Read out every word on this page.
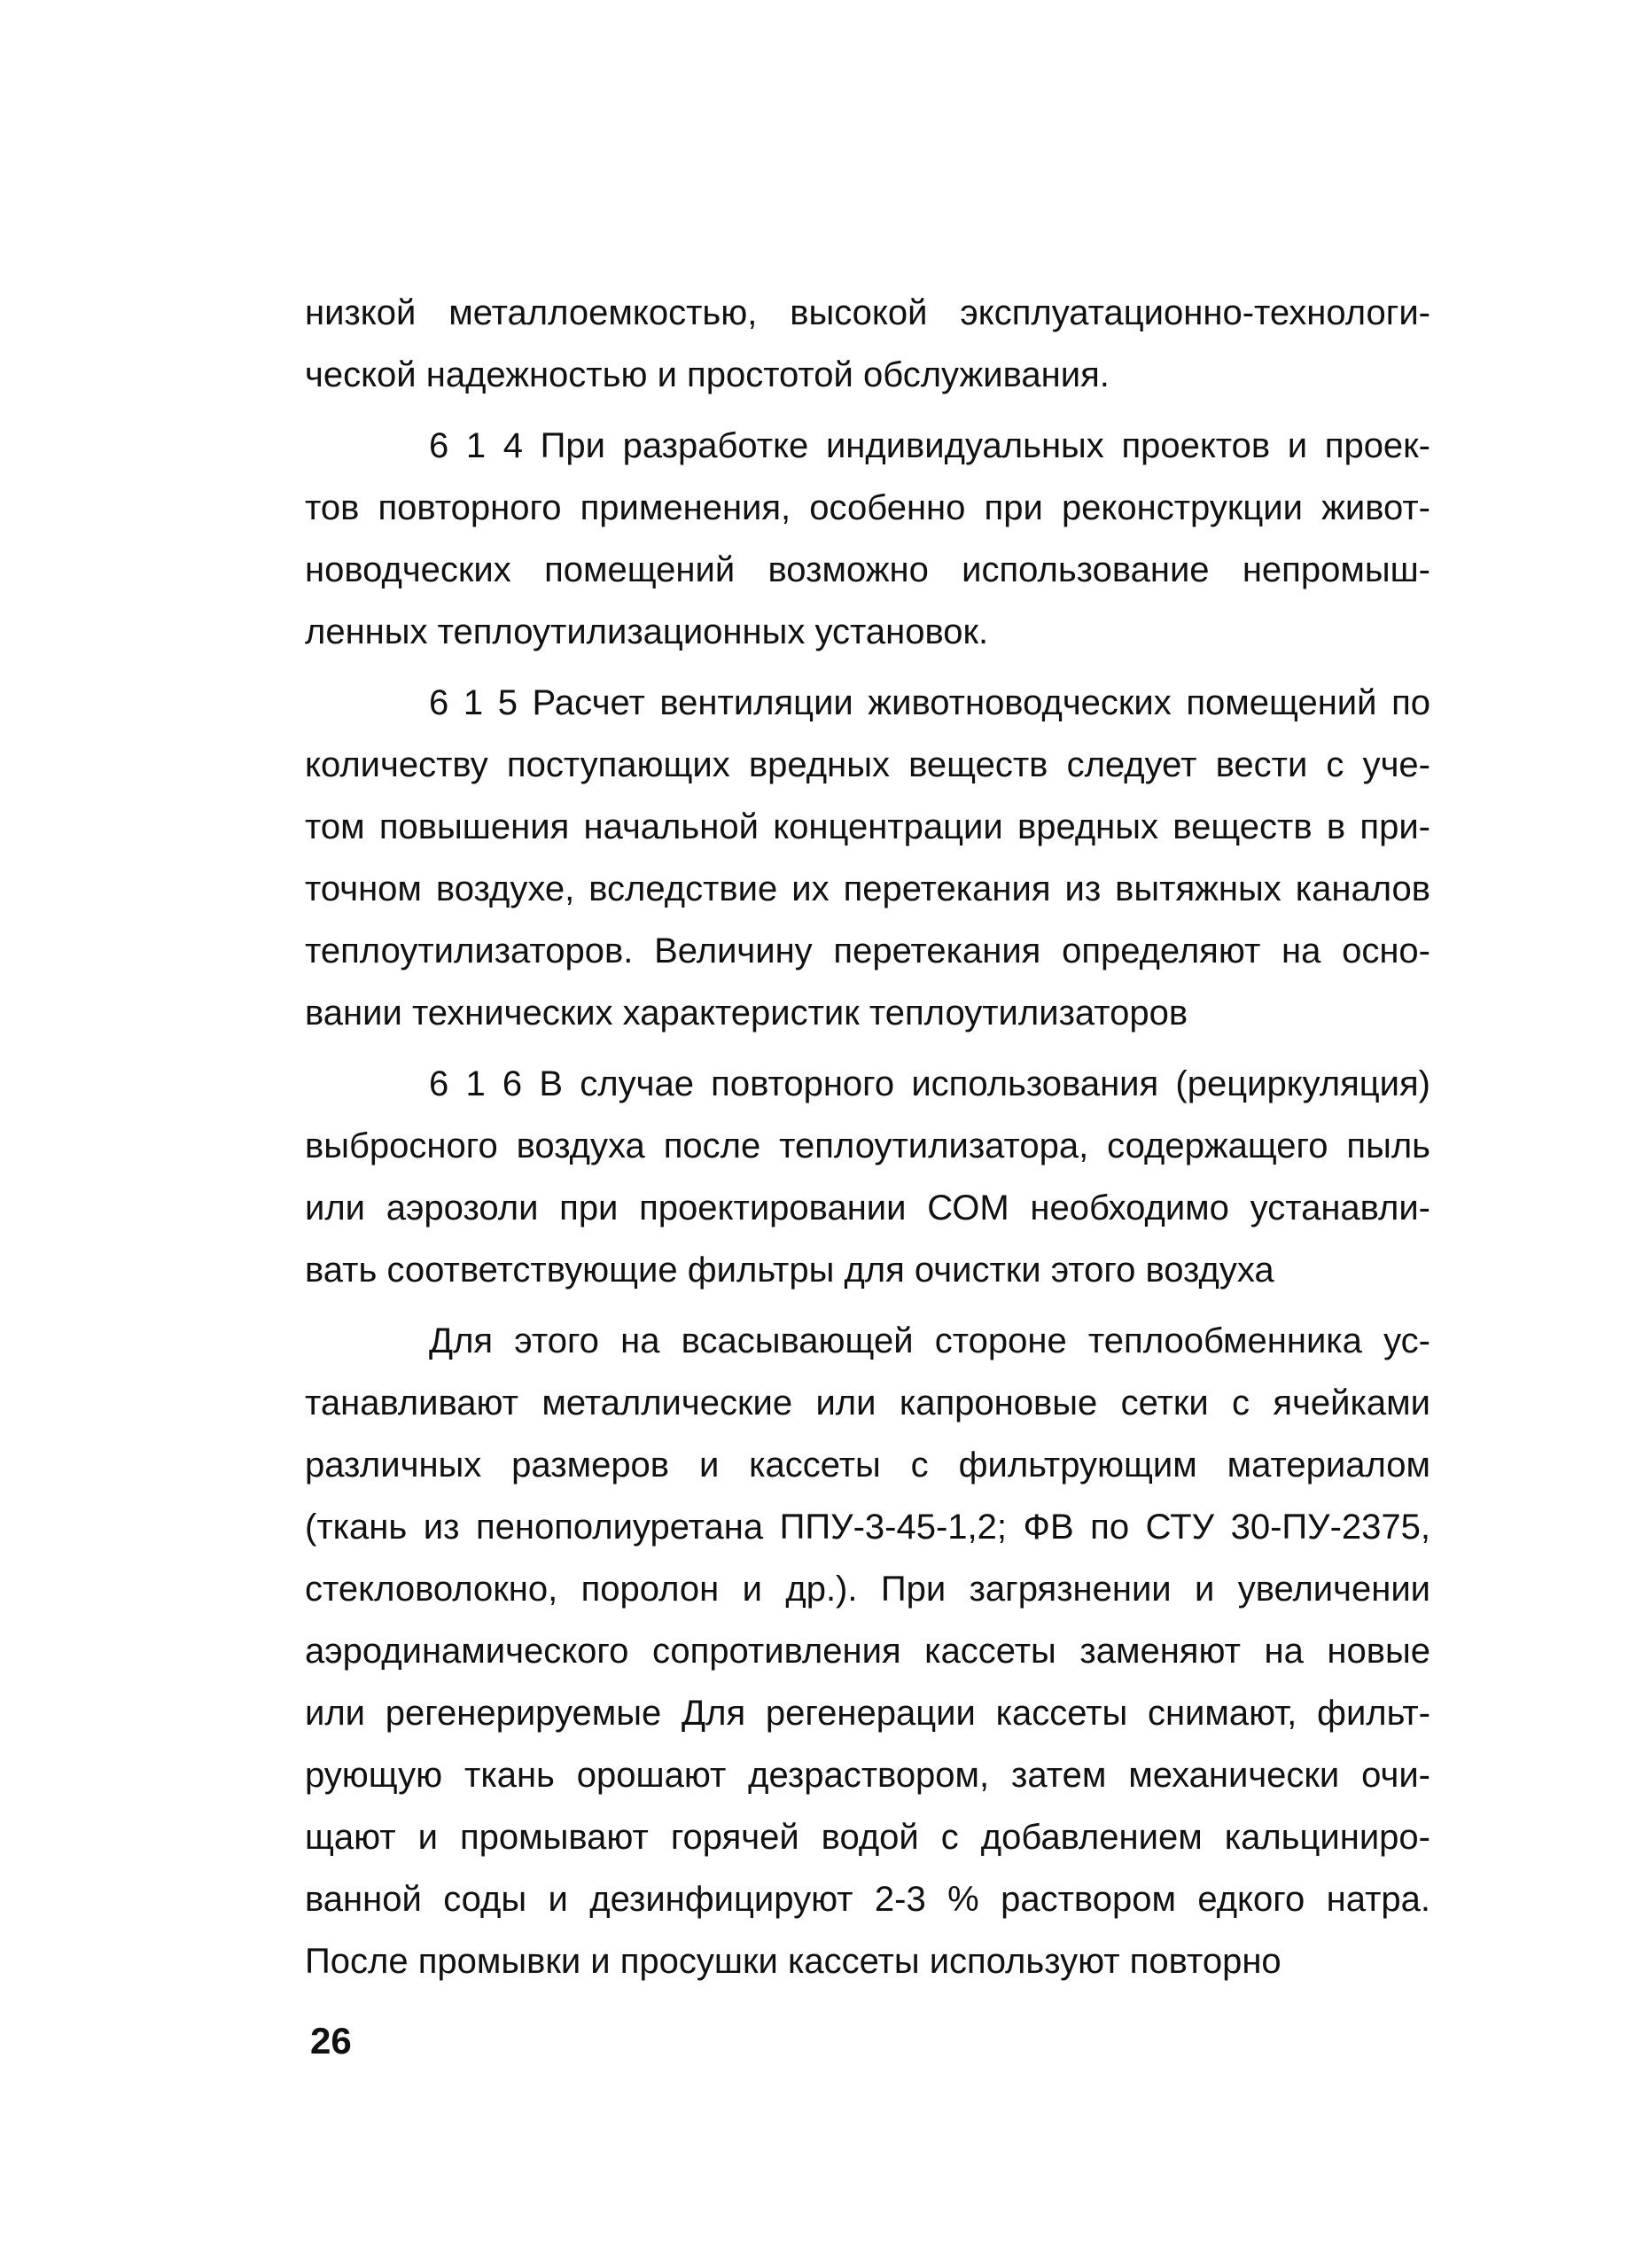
низкой металлоемкостью, высокой эксплуатационно-технологи-
ческой надежностью и простотой обслуживания.
6 1 4 При разработке индивидуальных проектов и проек-
тов повторного применения, особенно при реконструкции живот-
новодческих помещений возможно использование непромыш-
ленных теплоутилизационных установок.
6 1 5 Расчет вентиляции животноводческих помещений по
количеству поступающих вредных веществ следует вести с уче-
том повышения начальной концентрации вредных веществ в при-
точном воздухе, вследствие их перетекания из вытяжных каналов
теплоутилизаторов. Величину перетекания определяют на осно-
вании технических характеристик теплоутилизаторов
6 1 6 В случае повторного использования (рециркуляция)
выбросного воздуха после теплоутилизатора, содержащего пыль
или аэрозоли при проектировании СОМ необходимо устанавли-
вать соответствующие фильтры для очистки этого воздуха
Для этого на всасывающей стороне теплообменника ус-
танавливают металлические или капроновые сетки с ячейками
различных размеров и кассеты с фильтрующим материалом
(ткань из пенополиуретана ППУ-3-45-1,2; ФВ по СТУ 30-ПУ-2375,
стекловолокно, поролон и др.). При загрязнении и увеличении
аэродинамического сопротивления кассеты заменяют на новые
или регенерируемые Для регенерации кассеты снимают, фильт-
рующую ткань орошают дезраствором, затем механически очи-
щают и промывают горячей водой с добавлением кальциниро-
ванной соды и дезинфицируют 2-3 % раствором едкого натра.
После промывки и просушки кассеты используют повторно
26
